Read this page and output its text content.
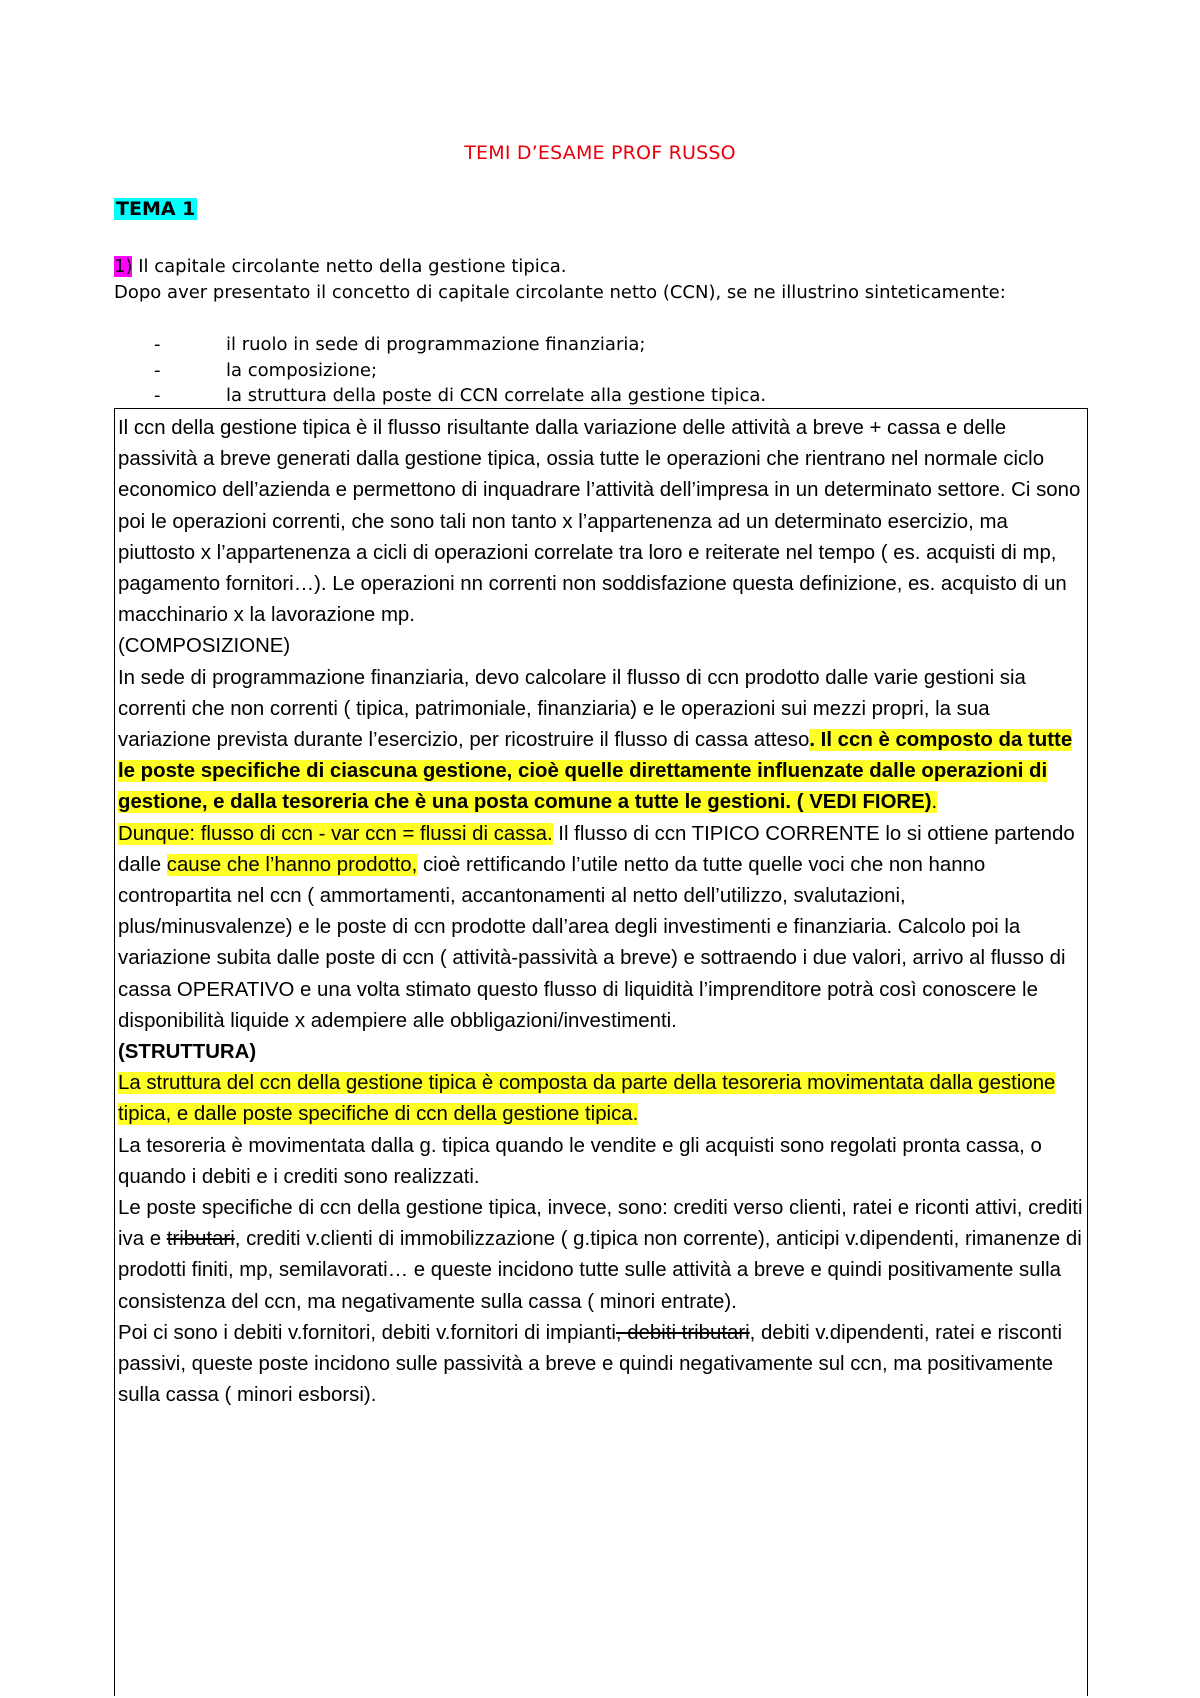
TEMI D’ESAME PROF RUSSO
TEMA 1

1) Il capitale circolante netto della gestione tipica.

Dopo aver presentato il concetto di capitale circolante netto (CCN), se ne illustrino sinteticamente:

-	il ruolo in sede di programmazione finanziaria;
-	la composizione;
-	la struttura della poste di CCN correlate alla gestione tipica.

Il ccn della gestione tipica è il flusso risultante dalla variazione delle attività a breve + cassa e delle passività a breve generati dalla gestione tipica, ossia tutte le operazioni che rientrano nel normale ciclo economico dell’azienda e permettono di inquadrare l’attività dell’impresa in un determinato settore. Ci sono poi le operazioni correnti, che sono tali non tanto x l’appartenenza ad un determinato esercizio, ma piuttosto x l’appartenenza a cicli di operazioni correlate tra loro e reiterate nel tempo ( es. acquisti di mp, pagamento fornitori…). Le operazioni nn correnti non soddisfazione questa definizione, es. acquisto di un macchinario x la lavorazione mp.

(COMPOSIZIONE)

In sede di programmazione finanziaria, devo calcolare il flusso di ccn prodotto dalle varie gestioni sia correnti che non correnti ( tipica, patrimoniale, finanziaria) e le operazioni sui mezzi propri, la sua variazione prevista durante l’esercizio, per ricostruire il flusso di cassa atteso. Il ccn è composto da tutte le poste specifiche di ciascuna gestione, cioè quelle direttamente influenzate dalle operazioni di gestione, e dalla tesoreria che è una posta comune a tutte le gestioni. ( VEDI FIORE).

Dunque: flusso di ccn - var ccn = flussi di cassa. Il flusso di ccn TIPICO CORRENTE lo si ottiene partendo dalle cause che l’hanno prodotto, cioè rettificando l’utile netto da tutte quelle voci che non hanno contropartita nel ccn ( ammortamenti, accantonamenti al netto dell’utilizzo, svalutazioni, plus/minusvalenze) e le poste di ccn prodotte dall’area degli investimenti e finanziaria. Calcolo poi la variazione subita dalle poste di ccn ( attività-passività a breve) e sottraendo i due valori, arrivo al flusso di cassa OPERATIVO e una volta stimato questo flusso di liquidità l’imprenditore potrà così conoscere le disponibilità liquide x adempiere alle obbligazioni/investimenti.

(STRUTTURA)

La struttura del ccn della gestione tipica è composta da parte della tesoreria movimentata dalla gestione tipica, e dalle poste specifiche di ccn della gestione tipica.

La tesoreria è movimentata dalla g. tipica quando le vendite e gli acquisti sono regolati pronta cassa, o quando i debiti e i crediti sono realizzati.

Le poste specifiche di ccn della gestione tipica, invece, sono: crediti verso clienti, ratei e riconti attivi, crediti iva e tributari, crediti v.clienti di immobilizzazione ( g.tipica non corrente), anticipi v.dipendenti, rimanenze di prodotti finiti, mp, semilavorati… e queste incidono tutte sulle attività a breve e quindi positivamente sulla consistenza del ccn, ma negativamente sulla cassa ( minori entrate).

Poi ci sono i debiti v.fornitori, debiti v.fornitori di impianti, debiti tributari, debiti v.dipendenti, ratei e risconti passivi, queste poste incidono sulle passività a breve e quindi negativamente sul ccn, ma positivamente sulla cassa ( minori esborsi).
